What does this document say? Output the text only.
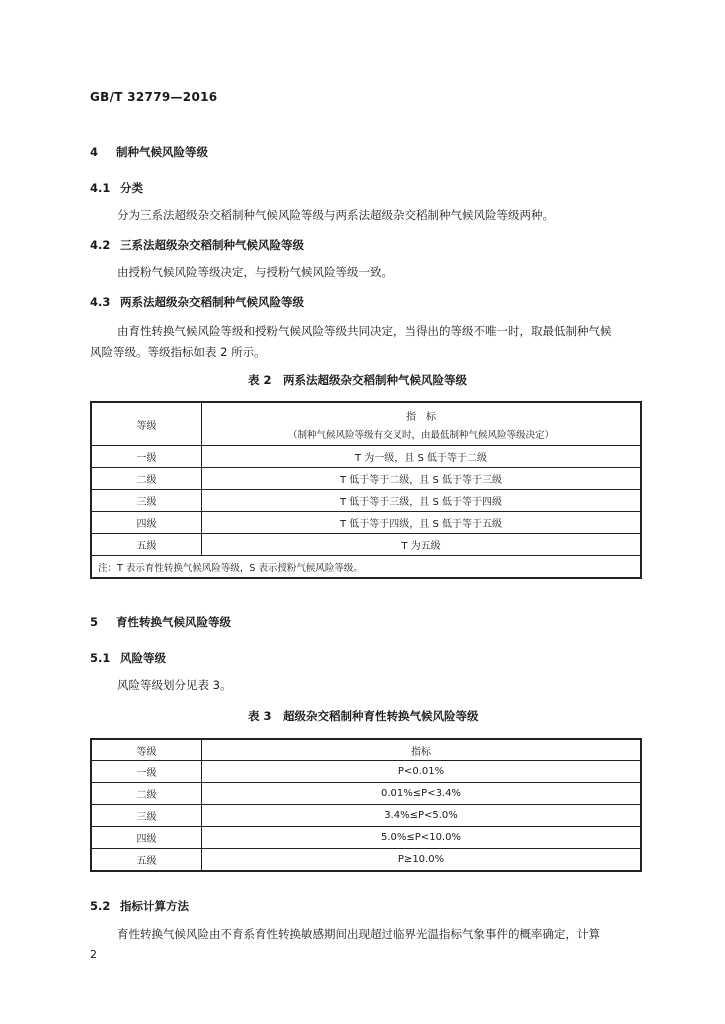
GB/T 32779—2016
4 制种气候风险等级
4.1 分类
分为三系法超级杂交稻制种气候风险等级与两系法超级杂交稻制种气候风险等级两种。
4.2 三系法超级杂交稻制种气候风险等级
由授粉气候风险等级决定，与授粉气候风险等级一致。
4.3 两系法超级杂交稻制种气候风险等级
由育性转换气候风险等级和授粉气候风险等级共同决定，当得出的等级不唯一时，取最低制种气候
风险等级。等级指标如表 2 所示。
表 2　两系法超级杂交稻制种气候风险等级
等级	指　标
（制种气候风险等级有交叉时，由最低制种气候风险等级决定）

一级	T 为一级，且 S 低于等于二级
二级	T 低于等于二级，且 S 低于等于三级
三级	T 低于等于三级，且 S 低于等于四级
四级	T 低于等于四级，且 S 低于等于五级
五级	T 为五级
注：T 表示育性转换气候风险等级，S 表示授粉气候风险等级。	
5 育性转换气候风险等级
5.1 风险等级
风险等级划分见表 3。
表 3　超级杂交稻制种育性转换气候风险等级
等级	指标
一级	P<0.01%
二级	0.01%≤P<3.4%
三级	3.4%≤P<5.0%
四级	5.0%≤P<10.0%
五级	P≥10.0%
5.2 指标计算方法
育性转换气候风险由不育系育性转换敏感期间出现超过临界光温指标气象事件的概率确定，计算
2
